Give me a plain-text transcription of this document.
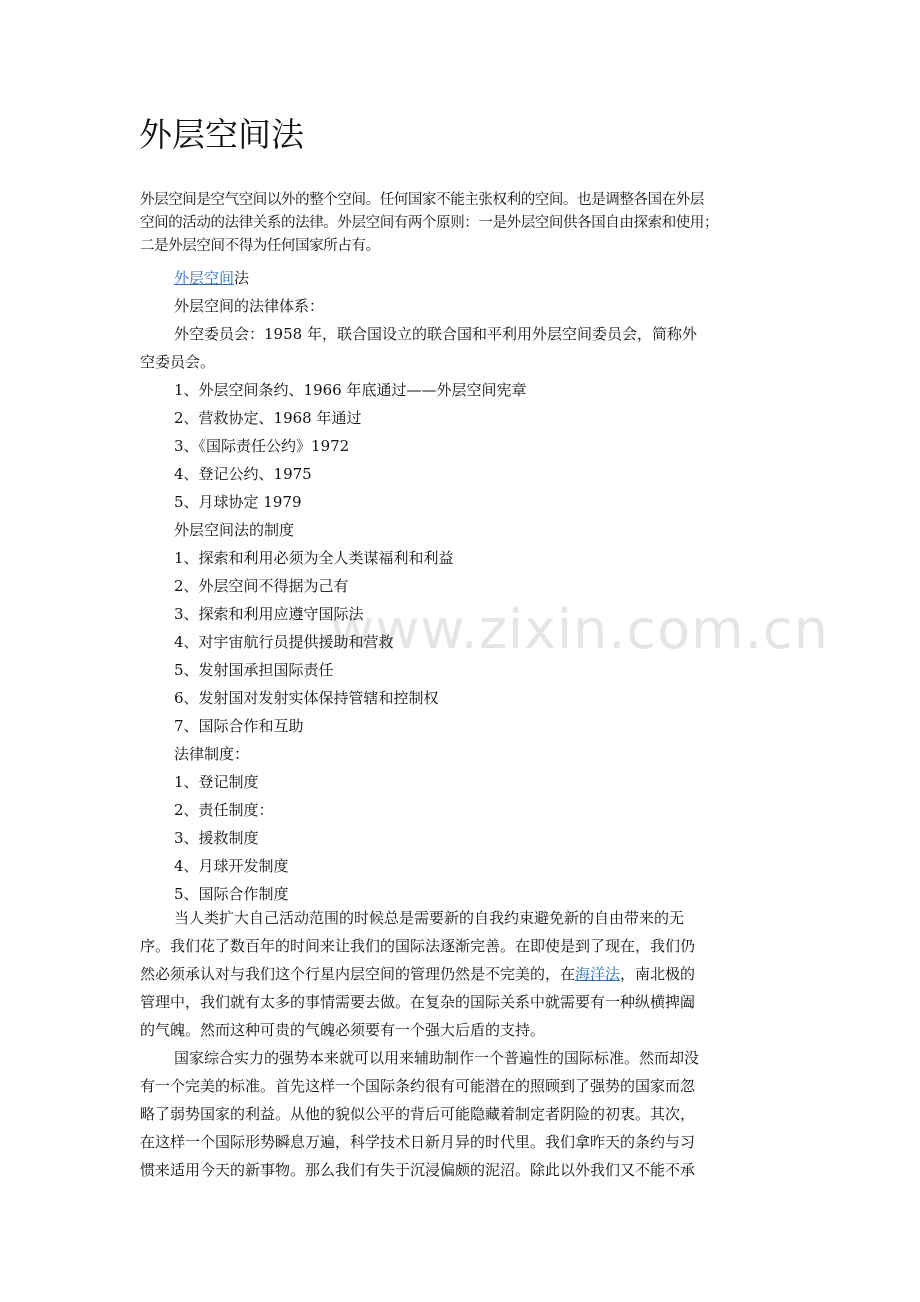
外层空间法

外层空间是空气空间以外的整个空间。任何国家不能主张权利的空间。也是调整各国在外层

空间的活动的法律关系的法律。外层空间有两个原则：一是外层空间供各国自由探索和使用；

二是外层空间不得为任何国家所占有。

外层空间法

外层空间的法律体系：

外空委员会：1958 年，联合国设立的联合国和平利用外层空间委员会，简称外

空委员会。

1、外层空间条约、1966 年底通过——外层空间宪章

2、营救协定、1968 年通过

3、《国际责任公约》1972

4、登记公约、1975

5、月球协定 1979

外层空间法的制度

1、探索和利用必须为全人类谋福利和利益

2、外层空间不得据为己有

3、探索和利用应遵守国际法

4、对宇宙航行员提供援助和营救

5、发射国承担国际责任

6、发射国对发射实体保持管辖和控制权

7、国际合作和互助

法律制度：

1、登记制度

2、责任制度：

3、援救制度

4、月球开发制度

5、国际合作制度

当人类扩大自己活动范围的时候总是需要新的自我约束避免新的自由带来的无

序。我们花了数百年的时间来让我们的国际法逐渐完善。在即使是到了现在，我们仍

然必须承认对与我们这个行星内层空间的管理仍然是不完美的，在海洋法，南北极的

管理中，我们就有太多的事情需要去做。在复杂的国际关系中就需要有一种纵横捭阖

的气魄。然而这种可贵的气魄必须要有一个强大后盾的支持。

国家综合实力的强势本来就可以用来辅助制作一个普遍性的国际标准。然而却没

有一个完美的标准。首先这样一个国际条约很有可能潜在的照顾到了强势的国家而忽

略了弱势国家的利益。从他的貌似公平的背后可能隐藏着制定者阴险的初衷。其次，

在这样一个国际形势瞬息万遍，科学技术日新月异的时代里。我们拿昨天的条约与习

惯来适用今天的新事物。那么我们有失于沉浸偏颇的泥沼。除此以外我们又不能不承

www.zixin.com.cn
